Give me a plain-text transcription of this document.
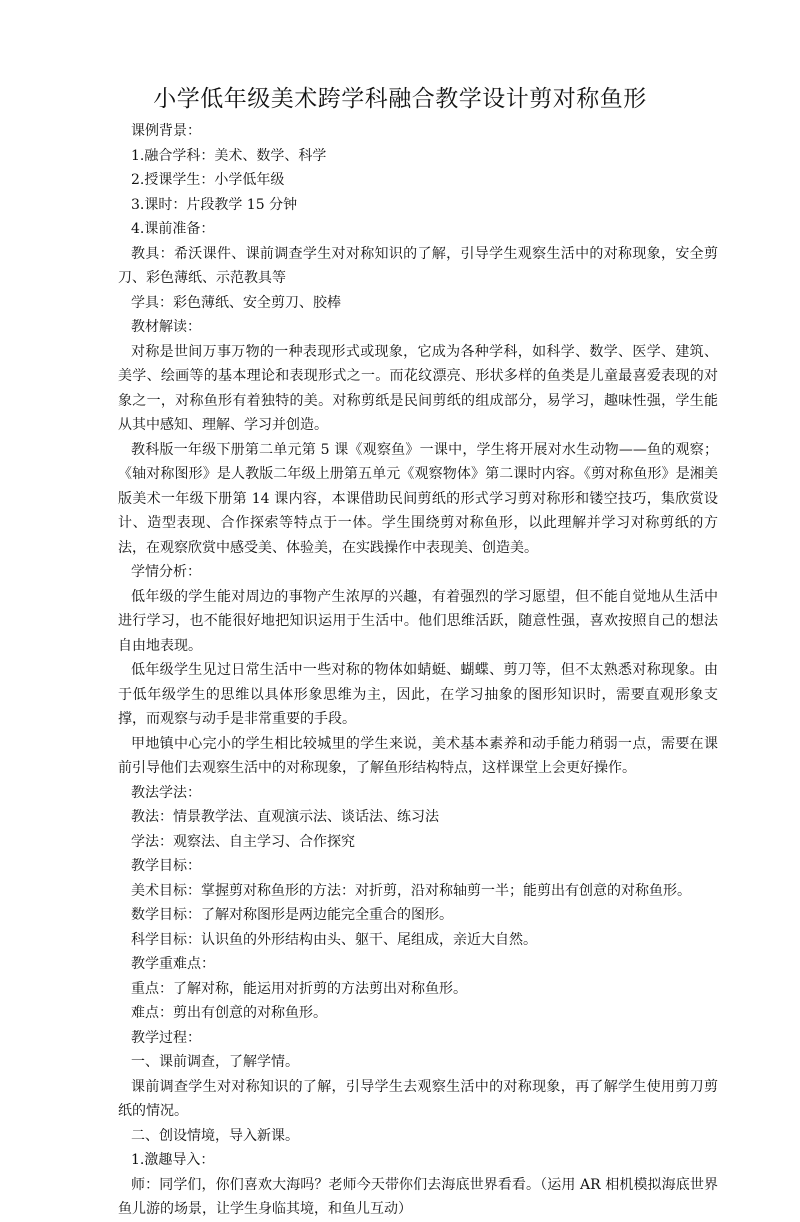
小学低年级美术跨学科融合教学设计剪对称鱼形

课例背景：

1.融合学科：美术、数学、科学

2.授课学生：小学低年级

3.课时：片段教学 15 分钟

4.课前准备：

教具：希沃课件、课前调查学生对对称知识的了解，引导学生观察生活中的对称现象，安全剪刀、彩色薄纸、示范教具等

学具：彩色薄纸、安全剪刀、胶棒

教材解读：

对称是世间万事万物的一种表现形式或现象，它成为各种学科，如科学、数学、医学、建筑、美学、绘画等的基本理论和表现形式之一。而花纹漂亮、形状多样的鱼类是儿童最喜爱表现的对象之一，对称鱼形有着独特的美。对称剪纸是民间剪纸的组成部分，易学习，趣味性强，学生能从其中感知、理解、学习并创造。

教科版一年级下册第二单元第 5 课《观察鱼》一课中，学生将开展对水生动物——鱼的观察；《轴对称图形》是人教版二年级上册第五单元《观察物体》第二课时内容。《剪对称鱼形》是湘美版美术一年级下册第 14 课内容，本课借助民间剪纸的形式学习剪对称形和镂空技巧，集欣赏设计、造型表现、合作探索等特点于一体。学生围绕剪对称鱼形，以此理解并学习对称剪纸的方法，在观察欣赏中感受美、体验美，在实践操作中表现美、创造美。

学情分析：

低年级的学生能对周边的事物产生浓厚的兴趣，有着强烈的学习愿望，但不能自觉地从生活中进行学习，也不能很好地把知识运用于生活中。他们思维活跃，随意性强，喜欢按照自己的想法自由地表现。

低年级学生见过日常生活中一些对称的物体如蜻蜓、蝴蝶、剪刀等，但不太熟悉对称现象。由于低年级学生的思维以具体形象思维为主，因此，在学习抽象的图形知识时，需要直观形象支撑，而观察与动手是非常重要的手段。

甲地镇中心完小的学生相比较城里的学生来说，美术基本素养和动手能力稍弱一点，需要在课前引导他们去观察生活中的对称现象，了解鱼形结构特点，这样课堂上会更好操作。

教法学法：

教法：情景教学法、直观演示法、谈话法、练习法

学法：观察法、自主学习、合作探究

教学目标：

美术目标：掌握剪对称鱼形的方法：对折剪，沿对称轴剪一半；能剪出有创意的对称鱼形。

数学目标：了解对称图形是两边能完全重合的图形。

科学目标：认识鱼的外形结构由头、躯干、尾组成，亲近大自然。

教学重难点：

重点：了解对称，能运用对折剪的方法剪出对称鱼形。

难点：剪出有创意的对称鱼形。

教学过程：

一、课前调查，了解学情。

课前调查学生对对称知识的了解，引导学生去观察生活中的对称现象，再了解学生使用剪刀剪纸的情况。

二、创设情境，导入新课。

1.激趣导入：

师：同学们，你们喜欢大海吗？老师今天带你们去海底世界看看。（运用 AR 相机模拟海底世界鱼儿游的场景，让学生身临其境，和鱼儿互动）
